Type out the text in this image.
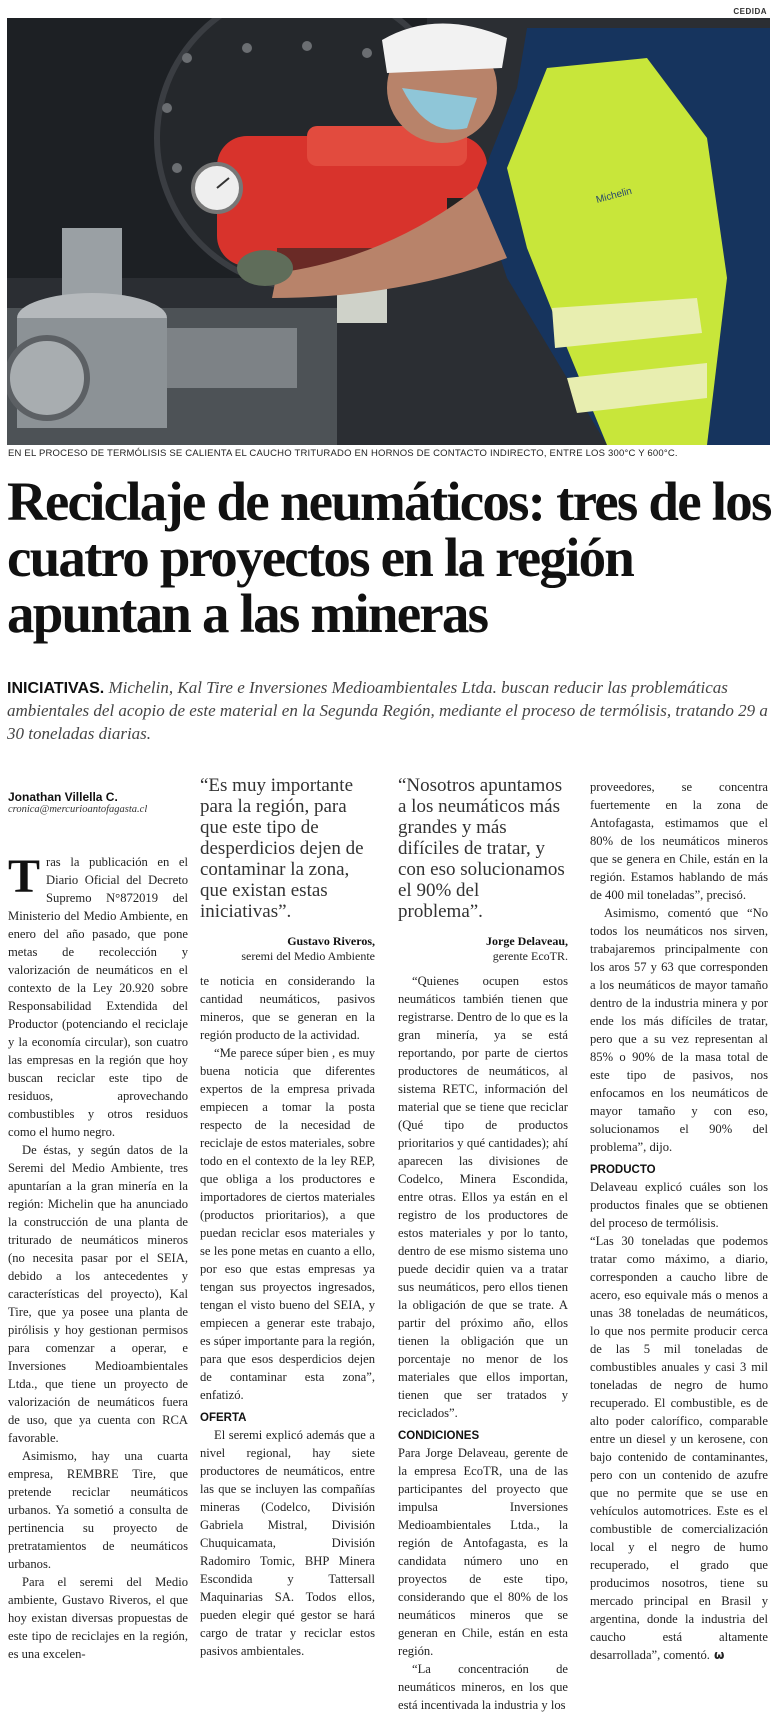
CEDIDA
Michelin
EN EL PROCESO DE TERMÓLISIS SE CALIENTA EL CAUCHO TRITURADO EN HORNOS DE CONTACTO INDIRECTO, ENTRE LOS 300°C Y 600°C.
Reciclaje de neumáticos: tres de los cuatro proyectos en la región apuntan a las mineras
INICIATIVAS. Michelin, Kal Tire e Inversiones Medioambientales Ltda. buscan reducir las problemáticas ambientales del acopio de este material en la Segunda Región, mediante el proceso de termólisis, tratando 29 a 30 toneladas diarias.
Jonathan Villella C.
cronica@mercurioantofagasta.cl

Tras la publicación en el Diario Oficial del Decreto Supremo N°872019 del Ministerio del Medio Ambiente, en enero del año pasado, que pone metas de recolección y valorización de neumáticos en el contexto de la Ley 20.920 sobre Responsabilidad Extendida del Productor (potenciando el reciclaje y la economía circular), son cuatro las empresas en la región que hoy buscan reciclar este tipo de residuos, aprovechando combustibles y otros residuos como el humo negro.

De éstas, y según datos de la Seremi del Medio Ambiente, tres apuntarían a la gran minería en la región: Michelin que ha anunciado la construcción de una planta de triturado de neumáticos mineros (no necesita pasar por el SEIA, debido a los antecedentes y características del proyecto), Kal Tire, que ya posee una planta de pirólisis y hoy gestionan permisos para comenzar a operar, e Inversiones Medioambientales Ltda., que tiene un proyecto de valorización de neumáticos fuera de uso, que ya cuenta con RCA favorable.

Asimismo, hay una cuarta empresa, REMBRE Tire, que pretende reciclar neumáticos urbanos. Ya sometió a consulta de pertinencia su proyecto de pretratamientos de neumáticos urbanos.

Para el seremi del Medio ambiente, Gustavo Riveros, el que hoy existan diversas propuestas de este tipo de reciclajes en la región, es una excelen-

“Es muy importante para la región, para que este tipo de desperdicios dejen de contaminar la zona, que existan estas iniciativas”.
Gustavo Riveros,
seremi del Medio Ambiente

te noticia en considerando la cantidad neumáticos, pasivos mineros, que se generan en la región producto de la actividad.

“Me parece súper bien , es muy buena noticia que diferentes expertos de la empresa privada empiecen a tomar la posta respecto de la necesidad de reciclaje de estos materiales, sobre todo en el contexto de la ley REP, que obliga a los productores e importadores de ciertos materiales (productos prioritarios), a que puedan reciclar esos materiales y se les pone metas en cuanto a ello, por eso que estas empresas ya tengan sus proyectos ingresados, tengan el visto bueno del SEIA, y empiecen a generar este trabajo, es súper importante para la región, para que esos desperdicios dejen de contaminar esta zona”, enfatizó.

OFERTA

El seremi explicó además que a nivel regional, hay siete productores de neumáticos, entre las que se incluyen las compañías mineras (Codelco, División Gabriela Mistral, División Chuquicamata, División Radomiro Tomic, BHP Minera Escondida y Tattersall Maquinarias SA. Todos ellos, pueden elegir qué gestor se hará cargo de tratar y reciclar estos pasivos ambientales.

“Nosotros apuntamos a los neumáticos más grandes y más difíciles de tratar, y con eso solucionamos el 90% del problema”.
Jorge Delaveau,
gerente EcoTR.

“Quienes ocupen estos neumáticos también tienen que registrarse. Dentro de lo que es la gran minería, ya se está reportando, por parte de ciertos productores de neumáticos, al sistema RETC, información del material que se tiene que reciclar (Qué tipo de productos prioritarios y qué cantidades); ahí aparecen las divisiones de Codelco, Minera Escondida, entre otras. Ellos ya están en el registro de los productores de estos materiales y por lo tanto, dentro de ese mismo sistema uno puede decidir quien va a tratar sus neumáticos, pero ellos tienen la obligación de que se trate. A partir del próximo año, ellos tienen la obligación que un porcentaje no menor de los materiales que ellos importan, tienen que ser tratados y reciclados”.

CONDICIONES

Para Jorge Delaveau, gerente de la empresa EcoTR, una de las participantes del proyecto que impulsa Inversiones Medioambientales Ltda., la región de Antofagasta, es la candidata número uno en proyectos de este tipo, considerando que el 80% de los neumáticos mineros que se generan en Chile, están en esta región.

“La concentración de neumáticos mineros, en los que está incentivada la industria y los

proveedores, se concentra fuertemente en la zona de Antofagasta, estimamos que el 80% de los neumáticos mineros que se genera en Chile, están en la región. Estamos hablando de más de 400 mil toneladas”, precisó.

Asimismo, comentó que “No todos los neumáticos nos sirven, trabajaremos principalmente con los aros 57 y 63 que corresponden a los neumáticos de mayor tamaño dentro de la industria minera y por ende los más difíciles de tratar, pero que a su vez representan al 85% o 90% de la masa total de este tipo de pasivos, nos enfocamos en los neumáticos de mayor tamaño y con eso, solucionamos el 90% del problema”, dijo.

PRODUCTO

Delaveau explicó cuáles son los productos finales que se obtienen del proceso de termólisis.

“Las 30 toneladas que podemos tratar como máximo, a diario, corresponden a caucho libre de acero, eso equivale más o menos a unas 38 toneladas de neumáticos, lo que nos permite producir cerca de las 5 mil toneladas de combustibles anuales y casi 3 mil toneladas de negro de humo recuperado. El combustible, es de alto poder calorífico, comparable entre un diesel y un kerosene, con bajo contenido de contaminantes, pero con un contenido de azufre que no permite que se use en vehículos automotrices. Este es el combustible de comercialización local y el negro de humo recuperado, el grado que producimos nosotros, tiene su mercado principal en Brasil y argentina, donde la industria del caucho está altamente desarrollada”, comentó. ω
